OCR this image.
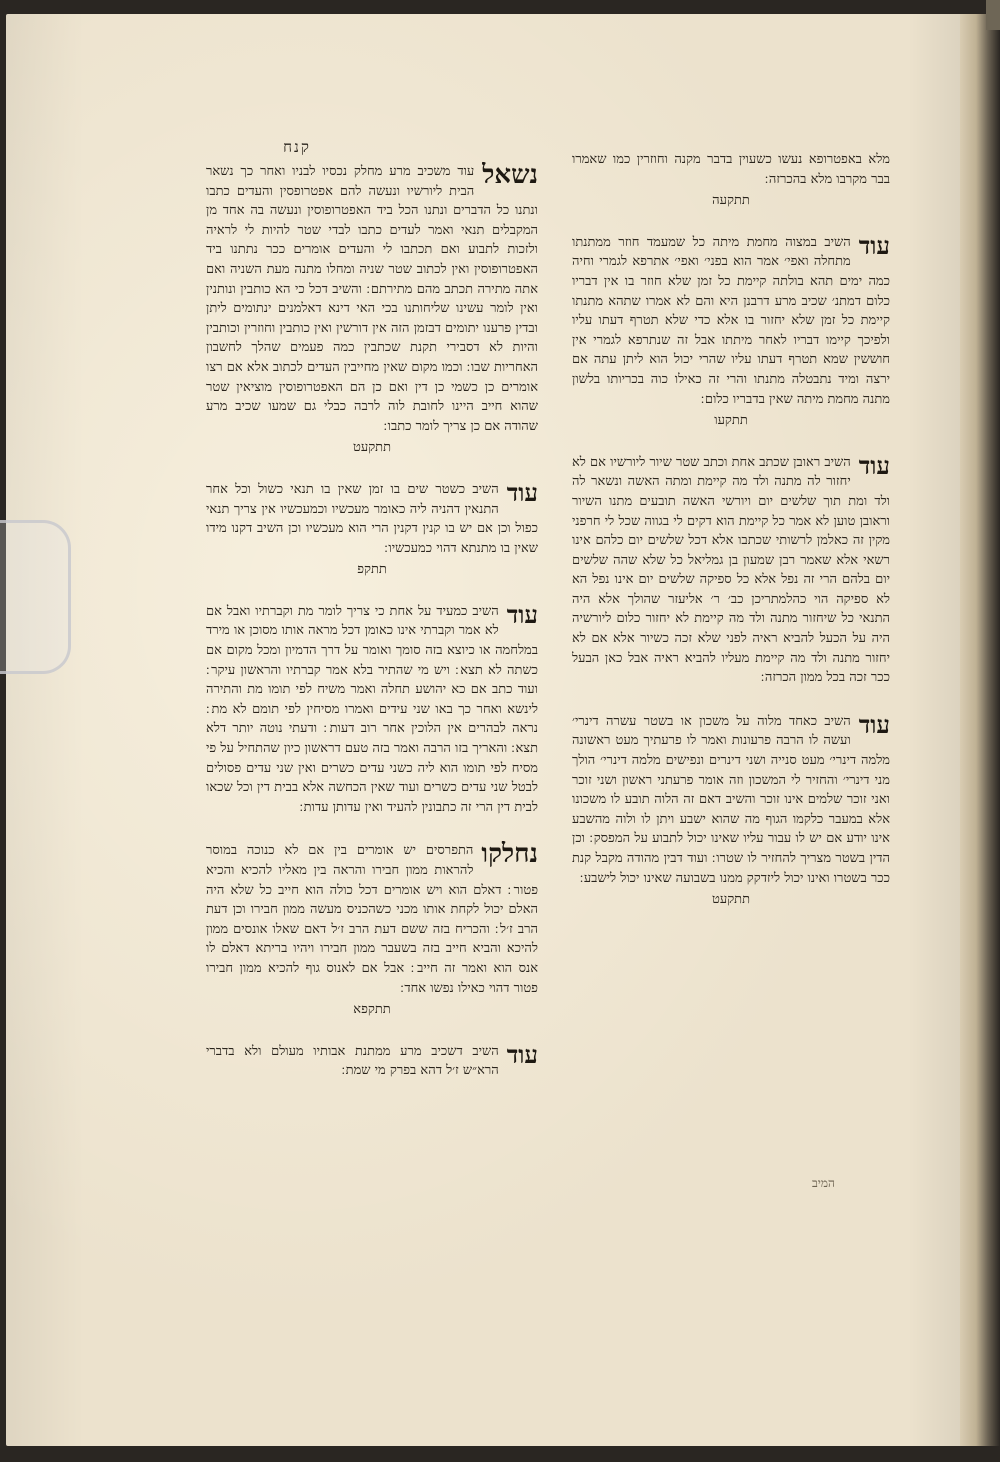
קנח
מלא באפטרופא נעשו כשעוין בדבר מקנה וחוזרין כמו שאמרו בבר מקרבו מלא בהכרזה ׃
תתקעה
עוד
השיב במצוה מחמת מיתה כל שמעמד חוזר ממתנתו מתחלה ואפי׳ אמר הוא בפני׳ ואפי׳ אתרפא לגמרי וחיה כמה ימים תהא בולתה קיימת כל זמן שלא חוזר בו אין דבריו כלום דמתנ׳ שכיב מרע דרבנן היא והם לא אמרו שתהא מתנתו קיימת כל זמן שלא יחזור בו אלא כדי שלא תטרף דעתו עליו ולפיכך קיימו דבריו לאחר מיתתו אבל זה שנתרפא לגמרי אין חוששין שמא תטרף דעתו עליו שהרי יכול הוא ליתן עתה אם ירצה ומיד נתבטלה מתנתו והרי זה כאילו כוה בכריותו בלשון מתנה מחמת מיתה שאין בדבריו כלום ׃
תתקעו
עוד
השיב ראובן שכתב אחת וכתב שטר שיור ליורשיו אם לא יחזור לה מתנה ולד מה קיימת ומתה האשה ונשאר לה ולד ומת תוך שלשים יום ויורשי האשה תובעים מתנו השיור וראובן טוען לא אמר כל קיימת הוא דקים לי בגווה שכל לי חרפני מקין זה כאלמן לרשותי שכתבו אלא דכל שלשים יום כלהם אינו רשאי אלא שאמר רבן שמעון בן גמליאל כל שלא שהה שלשים יום בלהם הרי זה נפל אלא כל ספיקה שלשים יום אינו נפל הא לא ספיקה הוי כהלמתריכן כב׳ ר׳ אליעזר שהולך אלא היה התנאי כל שיחזור מתנה ולד מה קיימת לא יחזור כלום ליורשיה היה על הכעל להביא ראיה לפני שלא זכה כשיור אלא אם לא יחזור מתנה ולד מה קיימת מעליו להביא ראיה אבל כאן הבעל ככר זכה בכל ממון הכרזה ׃
עוד
השיב כאחד מלוה על משכון או בשטר עשרה דינרי׳ ועשה לו הרבה פרעונות ואמר לו פרעתיך מעט ראשונה מלמה דינרי׳ מעט סנייה ושני דינרים ונפישים מלמה דינרי׳ הולך מני דינרי׳ והחזיר לי המשכון וזה אומר פרעתני ראשון ושני זוכר ואני זוכר שלמים אינו זוכר והשיב דאם זה הלוה תובע לו משכונו אלא במעבר כלקמו הגוף מה שהוא ישבע ויתן לו ולוה מהשבע אינו יודע אם יש לו עבור עליו שאינו יכול לתבוע על המפסק ׃ וכן הדין בשטר מצריך להחזיר לו שטרו ׃ ועוד דבין מהודה מקבל קנת ככר בשטרו ואינו יכול ליזדקק ממנו בשבועה שאינו יכול לישבע ׃
תתקעט
נשאל
עוד משכיב מרע מחלק נכסיו לבניו ואחר כך נשאר הבית ליורשיו ונעשה להם אפטרופסין והעדים כתבו ונתנו כל הדברים ונתנו הכל ביד האפטרופוסין ונעשה בה אחד מן המקבלים תנאי ואמר לעדים כתבו לבדי שטר להיות לי לראיה ולזכות לתבוע ואם תכתבו לי והעדים אומרים ככר נתתנו ביד האפטרופוסין ואין לכתוב שטר שניה ומחלו מתנה מעת השניה ואם אתה מתירה תכתב מהם מתירתם ׃ והשיב דכל כי הא כותבין ונותנין ואין לומר עשינו שליחותנו בכי האי דינא דאלמנים ינתומים ליתן ובדין פרענו יתומים דבזמן הזה אין דורשין ואין כותבין וחוזרין וכותבין והיות לא דסבירי תקנת שכתבין כמה פעמים שהלך לחשבון האחריות שבו ׃ וכמו מקום שאין מחייבין העדים לכתוב אלא אם רצו אומרים כן כשמי כן דין ואם כן הם האפטרופוסין מוציאין שטר שהוא חייב היינו לחובת לוה לרבה כבלי גם שמעו שכיב מרע שהודה אם כן צריך לומר כתבו ׃
תתקעט
עוד
השיב כשטר שים בו זמן שאין בו תנאי כשול וכל אחר התנאין דהניה ליה כאומר מעכשיו וכמעכשיו אין צריך תנאי כפול וכן אם יש בו קנין דקנין הרי הוא מעכשיו וכן השיב דקנו מידו שאין בו מתנתא דהוי כמעכשיו ׃
תתקפ
עוד
השיב כמעיד על אחת כי צריך לומר מת וקברתיו ואבל אם לא אמר וקברתי אינו כאומן דכל מראה אותו מסוכן או מירד במלחמה או כיוצא בזה סומך ואומר על דרך הדמיון ומכל מקום אם כשתה לא תצא ׃ ויש מי שהתיר בלא אמר קברתיו והראשון עיקר ׃ ועוד כתב אם כא יהושע תחלה ואמר משיח לפי תומו מת והתירה לינשא ואחר כך באו שני עידים ואמרו מסיחין לפי תומם לא מת ׃ נראה לבהרים אין הלוכין אחר רוב דעות ׃ ודעתי נוטה יותר דלא תצא ׃ והאריך בזו הרבה ואמר בזה טעם דראשון כיון שהתחיל על פי מסיח לפי תומו הוא ליה כשני עדים כשרים ואין שני עדים פסולים לבטל שני עדים כשרים ועוד שאין הכחשה אלא בבית דין וכל שכאו לבית דין הרי זה כתבונין להעיד ואין עדותן עדות ׃
נחלקו
התפרסים יש אומרים בין אם לא כנוכה במוסר להראות ממון חבירו והראה בין מאליו להכיא והכיא פטור ׃ דאלם הוא ויש אומרים דכל כולה הוא חייב כל שלא היה האלם יכול לקחת אותו מכני כשהכניס מעשה ממון חבירו וכן דעת הרב ז׳ל ׃ והכריח בזה ששם דעת הרב ז׳ל דאם שאלו אונסים ממון להיכא והביא חייב בזה בשעבר ממון חבירו ויהיו בריתא דאלם לו אנס הוא ואמר זה חייב ׃ אבל אם לאנוס גוף להכיא ממון חבירו פטור דהוי כאילו נפשו אחד ׃
תתקפא
עוד
השיב דשכיב מרע ממתנת אבותיו מעולם ולא בדברי הרא״ש ז׳ל דהא בפרק מי שמת ׃
המיב
